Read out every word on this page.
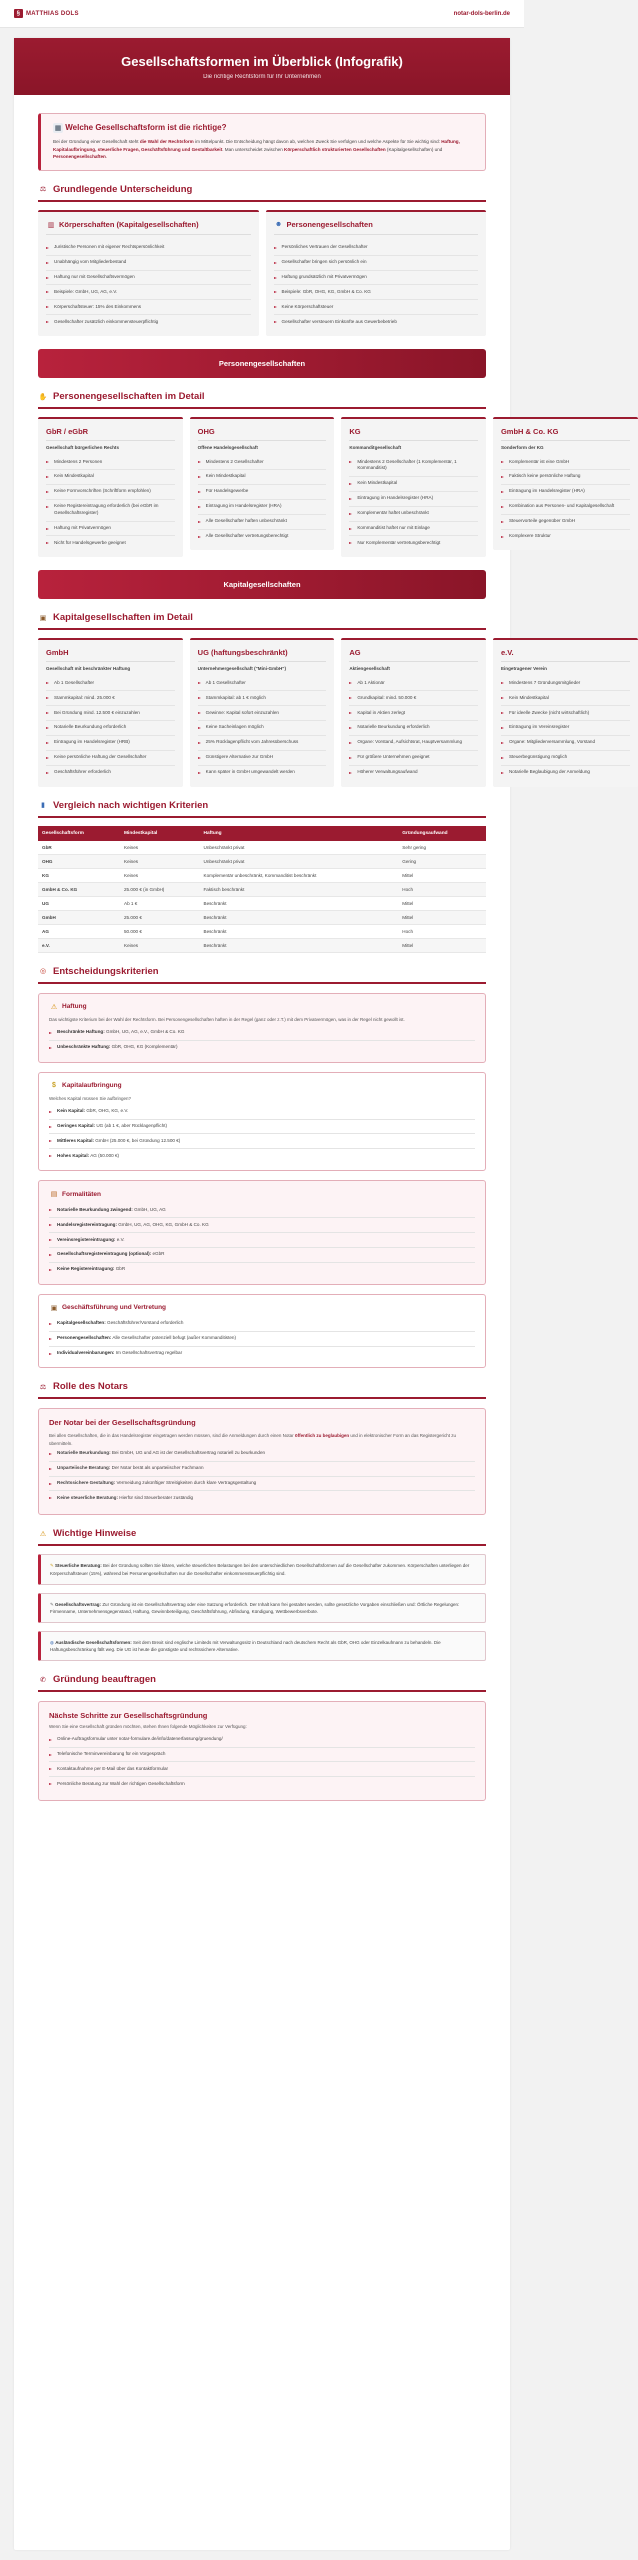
§ MATTHIAS DOLS	notar-dols-berlin.de
Gesellschaftsformen im Überblick (Infografik)

Die richtige Rechtsform für Ihr Unternehmen

▦ Welche Gesellschaftsform ist die richtige?

Bei der Gründung einer Gesellschaft steht die Wahl der Rechtsform im Mittelpunkt. Die Entscheidung hängt davon ab, welchen Zweck Sie verfolgen und welche Aspekte für Sie wichtig sind: Haftung, Kapitalaufbringung, steuerliche Fragen, Geschäftsführung und Gestaltbarkeit. Man unterscheidet zwischen Körperschaftlich strukturierten Gesellschaften (Kapitalgesellschaften) und Personengesellschaften.

⚖ Grundlegende Unterscheidung
▥ Körperschaften (Kapitalgesellschaften)
Juristische Personen mit eigener Rechtspersönlichkeit
Unabhängig vom Mitgliederbestand
Haftung nur mit Gesellschaftsvermögen
Beispiele: GmbH, UG, AG, e.V.
Körperschaftsteuer: 15% des Einkommens
Gesellschafter zusätzlich einkommensteuerpflichtig
☻ Personengesellschaften
Persönliches Vertrauen der Gesellschafter
Gesellschafter bringen sich persönlich ein
Haftung grundsätzlich mit Privatvermögen
Beispiele: GbR, OHG, KG, GmbH & Co. KG
Keine Körperschaftsteuer
Gesellschafter versteuern Einkünfte aus Gewerbebetrieb
Personengesellschaften
✋ Personengesellschaften im Detail
GbR / eGbR
Gesellschaft bürgerlichen Rechts
Mindestens 2 Personen
Kein Mindestkapital
Keine Formvorschriften (Schriftform empfohlen)
Keine Registereintragung erforderlich (bei eGbR im Gesellschaftsregister)
Haftung mit Privatvermögen
Nicht für Handelsgewerbe geeignet
OHG
Offene Handelsgesellschaft
Mindestens 2 Gesellschafter
Kein Mindestkapital
Für Handelsgewerbe
Eintragung im Handelsregister (HRA)
Alle Gesellschafter haften unbeschränkt
Alle Gesellschafter vertretungsberechtigt
KG
Kommanditgesellschaft
Mindestens 2 Gesellschafter (1 Komplementär, 1 Kommanditist)
Kein Mindestkapital
Eintragung im Handelsregister (HRA)
Komplementär haftet unbeschränkt
Kommanditist haftet nur mit Einlage
Nur Komplementär vertretungsberechtigt
GmbH & Co. KG
Sonderform der KG
Komplementär ist eine GmbH
Faktisch keine persönliche Haftung
Eintragung im Handelsregister (HRA)
Kombination aus Personen- und Kapitalgesellschaft
Steuervorteile gegenüber GmbH
Komplexere Struktur
Kapitalgesellschaften
▣ Kapitalgesellschaften im Detail
GmbH
Gesellschaft mit beschränkter Haftung
Ab 1 Gesellschafter
Stammkapital: mind. 25.000 €
Bei Gründung mind. 12.500 € einzuzahlen
Notarielle Beurkundung erforderlich
Eintragung im Handelsregister (HRB)
Keine persönliche Haftung der Gesellschafter
Geschäftsführer erforderlich
UG (haftungsbeschränkt)
Unternehmergesellschaft ("Mini-GmbH")
Ab 1 Gesellschafter
Stammkapital: ab 1 € möglich
Gewinne: Kapital sofort einzuzahlen
Keine Sacheinlagen möglich
25% Rücklagenpflicht vom Jahresüberschuss
Günstigere Alternative zur GmbH
Kann später in GmbH umgewandelt werden
AG
Aktiengesellschaft
Ab 1 Aktionär
Grundkapital: mind. 50.000 €
Kapital in Aktien zerlegt
Notarielle Beurkundung erforderlich
Organe: Vorstand, Aufsichtsrat, Hauptversammlung
Für größere Unternehmen geeignet
Höherer Verwaltungsaufwand
e.V.
Eingetragener Verein
Mindestens 7 Gründungsmitglieder
Kein Mindestkapital
Für ideelle Zwecke (nicht wirtschaftlich)
Eintragung im Vereinsregister
Organe: Mitgliederversammlung, Vorstand
Steuerbegünstigung möglich
Notarielle Beglaubigung der Anmeldung
▮ Vergleich nach wichtigen Kriterien
Gesellschaftsform	Mindestkapital	Haftung	Gründungsaufwand
GbR	Keines	Unbeschränkt privat	Sehr gering
OHG	Keines	Unbeschränkt privat	Gering
KG	Keines	Komplementär unbeschränkt, Kommanditist beschränkt	Mittel
GmbH & Co. KG	25.000 € (in GmbH)	Faktisch beschränkt	Hoch
UG	Ab 1 €	Beschränkt	Mittel
GmbH	25.000 €	Beschränkt	Mittel
AG	50.000 €	Beschränkt	Hoch
e.V.	Keines	Beschränkt	Mittel
◎ Entscheidungskriterien
⚠ Haftung

Das wichtigste Kriterium bei der Wahl der Rechtsform. Bei Personengesellschaften haften in der Regel (ganz oder z.T.) mit dem Privatvermögen, was in der Regel nicht gewollt ist.

Beschränkte Haftung: GmbH, UG, AG, e.V., GmbH & Co. KG
Unbeschränkte Haftung: GbR, OHG, KG (Komplementär)
$ Kapitalaufbringung

Welches Kapital müssen Sie aufbringen?

Kein Kapital: GbR, OHG, KG, e.V.
Geringes Kapital: UG (ab 1 €, aber Rücklagenpflicht)
Mittleres Kapital: GmbH (25.000 €, bei Gründung 12.500 €)
Hohes Kapital: AG (50.000 €)
▤ Formalitäten
Notarielle Beurkundung zwingend: GmbH, UG, AG
Handelsregistereintragung: GmbH, UG, AG, OHG, KG, GmbH & Co. KG
Vereinsregistereintragung: e.V.
Gesellschaftsregistereintragung (optional): eGbR
Keine Registereintragung: GbR
▣ Geschäftsführung und Vertretung
Kapitalgesellschaften: Geschäftsführer/Vorstand erforderlich
Personengesellschaften: Alle Gesellschafter potenziell befugt (außer Kommanditisten)
Individualvereinbarungen: Im Gesellschaftsvertrag regelbar
⚖ Rolle des Notars
Der Notar bei der Gesellschaftsgründung

Bei allen Gesellschaften, die in das Handelsregister eingetragen werden müssen, sind die Anmeldungen durch einen Notar öffentlich zu beglaubigen und in elektronischer Form an das Registergericht zu übermitteln.

Notarielle Beurkundung: Bei GmbH, UG und AG ist der Gesellschaftsvertrag notariell zu beurkunden
Unparteiische Beratung: Der Notar berät als unparteiischer Fachmann
Rechtssichere Gestaltung: Vermeidung zukünftiger Streitigkeiten durch klare Vertragsgestaltung
Keine steuerliche Beratung: Hierfür sind Steuerberater zuständig
⚠ Wichtige Hinweise
✎ Steuerliche Beratung: Bei der Gründung sollten Sie klären, welche steuerlichen Belastungen bei den unterschiedlichen Gesellschaftsformen auf die Gesellschafter zukommen. Körperschaften unterliegen der Körperschaftsteuer (15%), während bei Personengesellschaften nur die Gesellschafter einkommensteuerpflichtig sind.
✎ Gesellschaftsvertrag: Zur Gründung ist ein Gesellschaftsvertrag oder eine Satzung erforderlich. Der Inhalt kann frei gestaltet werden, sollte gesetzliche Vorgaben einschließen und: Örtliche Regelungen: Firmenname, Unternehmensgegenstand, Haftung, Gewinnbeteiligung, Geschäftsführung, Abfindung, Kündigung, Wettbewerbsverbote.
◍ Ausländische Gesellschaftsformen: Seit dem Brexit sind englische Limiteds mit Verwaltungssitz in Deutschland nach deutschem Recht als GbR, OHG oder Einzelkaufmann zu behandeln. Die Haftungsbeschränkung fällt weg. Die UG ist heute die günstigste und rechtssichere Alternative.
✆ Gründung beauftragen
Nächste Schritte zur Gesellschaftsgründung

Wenn Sie eine Gesellschaft gründen möchten, stehen Ihnen folgende Möglichkeiten zur Verfügung:

Online-Auftragsformular unter notar-formulare.de/info/datenerfassung/gruendung/
Telefonische Terminvereinbarung für ein Vorgespräch
Kontaktaufnahme per E-Mail über das Kontaktformular
Persönliche Beratung zur Wahl der richtigen Gesellschaftsform
